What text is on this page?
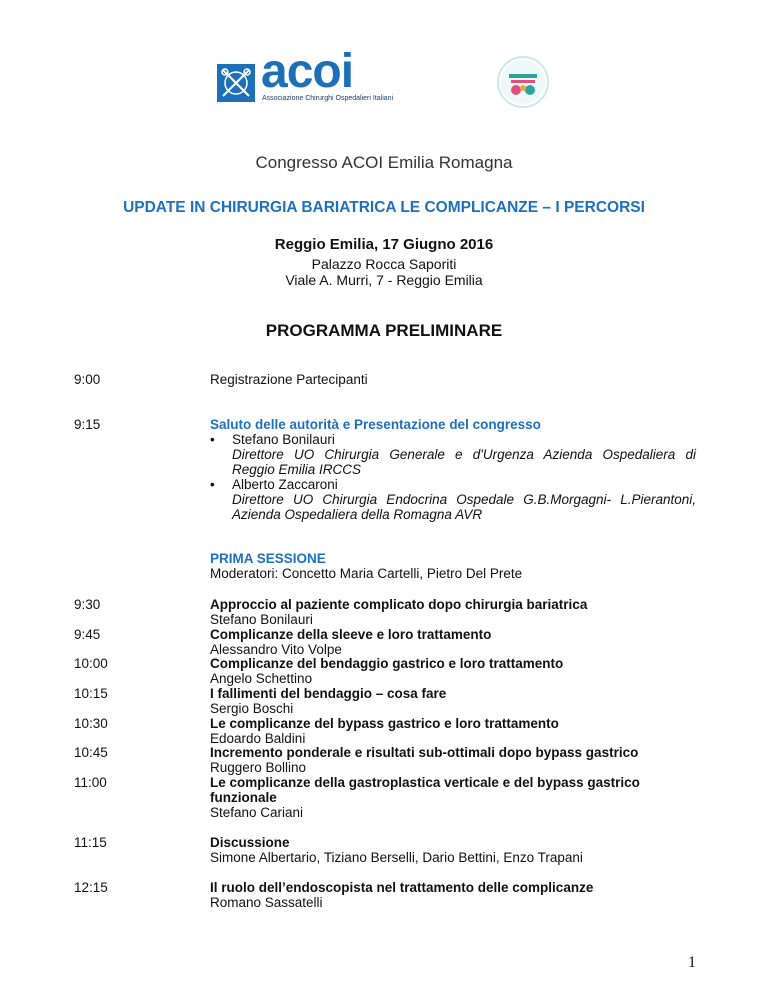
acoi
Associazione Chirurghi Ospedalieri Italiani
Congresso ACOI Emilia Romagna
UPDATE IN CHIRURGIA BARIATRICA LE COMPLICANZE – I PERCORSI
Reggio Emilia, 17 Giugno 2016
Palazzo Rocca Saporiti
Viale A. Murri, 7 - Reggio Emilia
PROGRAMMA PRELIMINARE
9:00	Registrazione Partecipanti
9:15	Saluto delle autorità e Presentazione del congresso
• Stefano Bonilauri
Direttore UO Chirurgia Generale e d'Urgenza Azienda Ospedaliera di
Reggio Emilia IRCCS
• Alberto Zaccaroni
Direttore UO Chirurgia Endocrina Ospedale G.B.Morgagni- L.Pierantoni,
Azienda Ospedaliera della Romagna AVR
PRIMA SESSIONE
Moderatori: Concetto Maria Cartelli, Pietro Del Prete
9:30	Approccio al paziente complicato dopo chirurgia bariatrica
Stefano Bonilauri
9:45	Complicanze della sleeve e loro trattamento
Alessandro Vito Volpe
10:00	Complicanze del bendaggio gastrico e loro trattamento
Angelo Schettino
10:15	I fallimenti del bendaggio – cosa fare
Sergio Boschi
10:30	Le complicanze del bypass gastrico e loro trattamento
Edoardo Baldini
10:45	Incremento ponderale e risultati sub-ottimali dopo bypass gastrico
Ruggero Bollino
11:00	Le complicanze della gastroplastica verticale e del bypass gastrico
funzionale
Stefano Cariani
11:15	Discussione
Simone Albertario, Tiziano Berselli, Dario Bettini, Enzo Trapani
12:15	Il ruolo dell’endoscopista nel trattamento delle complicanze
Romano Sassatelli
1
